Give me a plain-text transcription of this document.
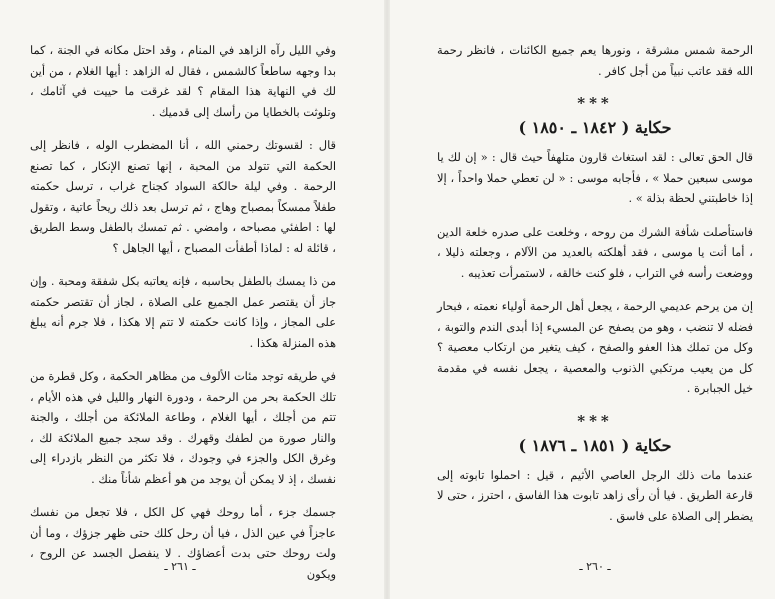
وفي الليل رآه الزاهد في المنام ، وقد احتل مكانه في الجنة ، كما بدا وجهه ساطعاً كالشمس ، فقال له الزاهد : أيها الغلام ، من أين لك في النهاية هذا المقام ؟ لقد غرقت ما حييت في آثامك ، وتلوثت بالخطايا من رأسك إلى قدميك .

قال : لقسوتك رحمني الله ، أنا المضطرب الوله ، فانظر إلى الحكمة التي تتولد من المحبة ، إنها تصنع الإنكار ، كما تصنع الرحمة . وفي ليلة حالكة السواد كجناح غراب ، ترسل حكمته طفلاً ممسكاً بمصباح وهاج ، ثم ترسل بعد ذلك ريحاً عاتية ، وتقول لها : اطفئي مصباحه ، وامضي . ثم تمسك بالطفل وسط الطريق ، قائلة له : لماذا أطفأت المصباح ، أيها الجاهل ؟

من ذا يمسك بالطفل بحاسبه ، فإنه يعاتبه بكل شفقة ومحبة . وإن جاز أن يقتصر عمل الجميع على الصلاة ، لجاز أن تقتصر حكمته على المجاز ، وإذا كانت حكمته لا تتم إلا هكذا ، فلا جرم أنه يبلغ هذه المنزلة هكذا .

في طريقه توجد مئات الألوف من مظاهر الحكمة ، وكل قطرة من تلك الحكمة بحر من الرحمة ، ودورة النهار والليل في هذه الأيام ، تتم من أجلك ، أيها الغلام ، وطاعة الملائكة من أجلك ، والجنة والنار صورة من لطفك وقهرك . وقد سجد جميع الملائكة لك ، وغرق الكل والجزء في وجودك ، فلا تكثر من النظر بازدراء إلى نفسك ، إذ لا يمكن أن يوجد من هو أعظم شأناً منك .

جسمك جزء ، أما روحك فهي كل الكل ، فلا تجعل من نفسك عاجزاً في عين الذل ، فيا أن رحل كلك حتى ظهر جزؤك ، وما أن ولت روحك حتى بدت أعضاؤك . لا ينفصل الجسد عن الروح ، ويكون

ـ ٢٦١ ـ

الرحمة شمس مشرقة ، ونورها يعم جميع الكائنات ، فانظر رحمة الله فقد عاتب نبياً من أجل كافر .

***
حكاية ( ١٨٤٢ ـ ١٨٥٠ )

قال الحق تعالى : لقد استغاث قارون متلهفاً حيث قال : « إن لك يا موسى سبعين حملا » ، فأجابه موسى : « لن تعطي حملا واحداً ، إلا إذا خاطبتني لحظة بذلة » .

فاستأصلت شأفة الشرك من روحه ، وخلعت على صدره خلعة الدين ، أما أنت يا موسى ، فقد أهلكته بالعديد من الآلام ، وجعلته ذليلا ، ووضعت رأسه في التراب ، فلو كنت خالقه ، لاستمرأت تعذيبه .

إن من يرحم عديمي الرحمة ، يجعل أهل الرحمة أولياء نعمته ، فبحار فضله لا تنضب ، وهو من يصفح عن المسيء إذا أبدى الندم والتوبة ، وكل من تملك هذا العفو والصفح ، كيف يتغير من ارتكاب معصية ؟ كل من يعيب مرتكبي الذنوب والمعصية ، يجعل نفسه في مقدمة خيل الجبابرة .

***
حكاية ( ١٨٥١ ـ ١٨٧٦ )

عندما مات ذلك الرجل العاصي الأثيم ، قيل : احملوا تابوته إلى قارعة الطريق . فيا أن رأى زاهد تابوت هذا الفاسق ، احترز ، حتى لا يضطر إلى الصلاة على فاسق .

ـ ٢٦٠ ـ
